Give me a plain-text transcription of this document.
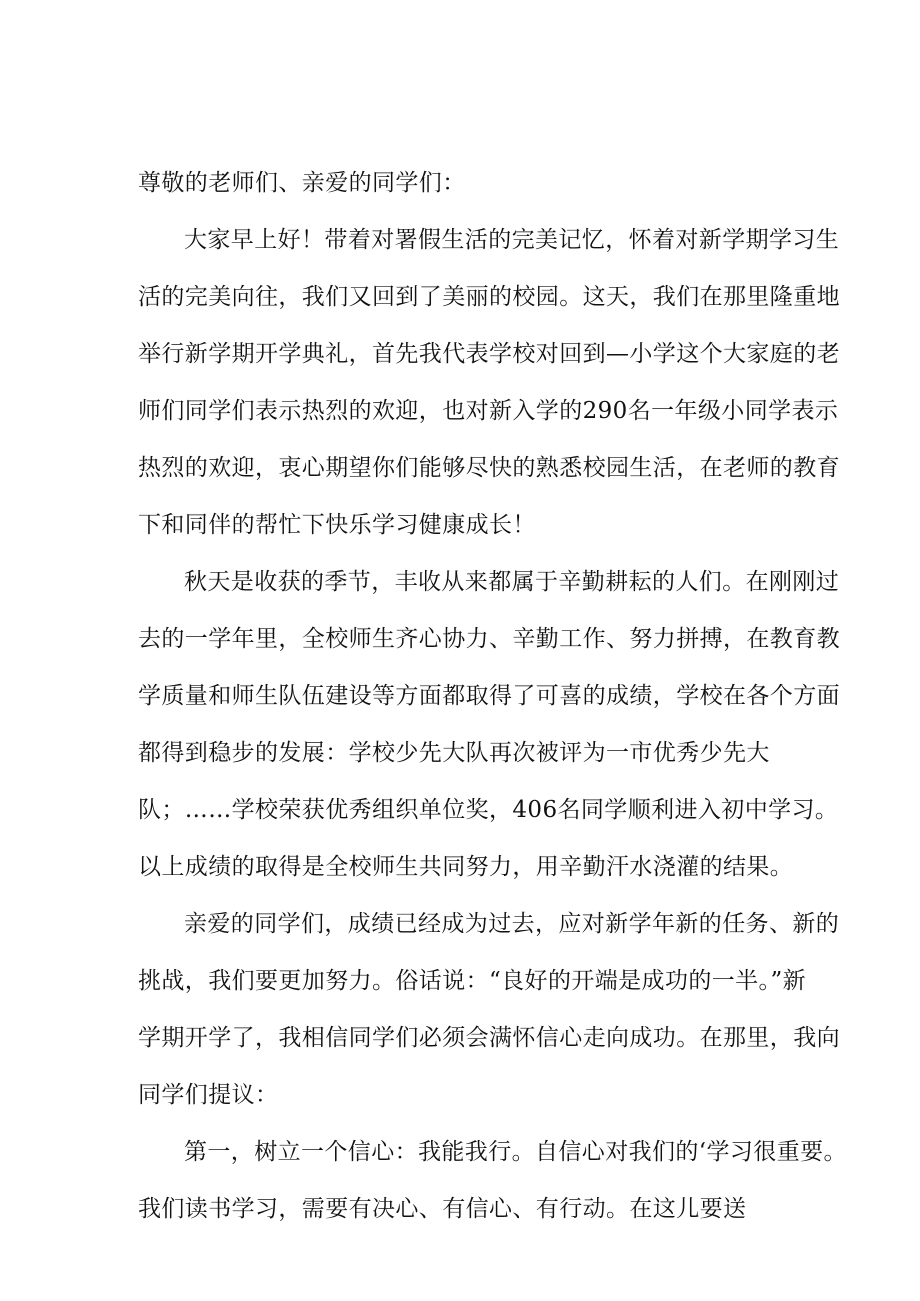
尊敬的老师们、亲爱的同学们：
大家早上好！带着对署假生活的完美记忆，怀着对新学期学习生
活的完美向往，我们又回到了美丽的校园。这天，我们在那里隆重地
举行新学期开学典礼，首先我代表学校对回到—小学这个大家庭的老
师们同学们表示热烈的欢迎，也对新入学的290名一年级小同学表示
热烈的欢迎，衷心期望你们能够尽快的熟悉校园生活，在老师的教育
下和同伴的帮忙下快乐学习健康成长！
秋天是收获的季节，丰收从来都属于辛勤耕耘的人们。在刚刚过
去的一学年里，全校师生齐心协力、辛勤工作、努力拼搏，在教育教
学质量和师生队伍建设等方面都取得了可喜的成绩，学校在各个方面
都得到稳步的发展：学校少先大队再次被评为一市优秀少先大
队；……学校荣获优秀组织单位奖，406名同学顺利进入初中学习。
以上成绩的取得是全校师生共同努力，用辛勤汗水浇灌的结果。
亲爱的同学们，成绩已经成为过去，应对新学年新的任务、新的
挑战，我们要更加努力。俗话说：“良好的开端是成功的一半。”新
学期开学了，我相信同学们必须会满怀信心走向成功。在那里，我向
同学们提议：
第一，树立一个信心：我能我行。自信心对我们的‘学习很重要。
我们读书学习，需要有决心、有信心、有行动。在这儿要送
